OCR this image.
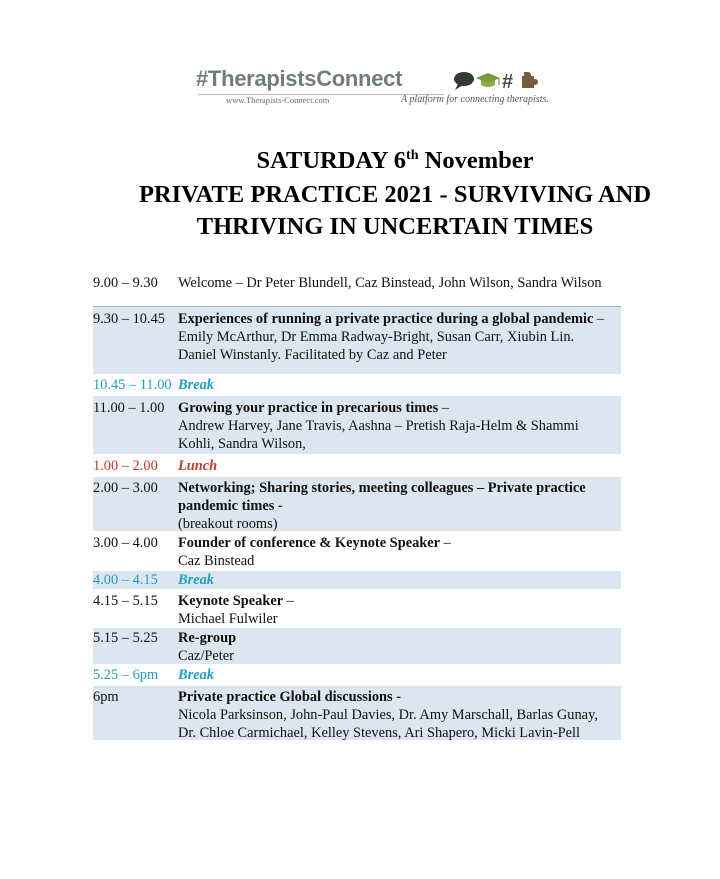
#TherapistsConnect	#
www.Therapists-Connect.com	A platform for connecting therapists.
SATURDAY 6th November
PRIVATE PRACTICE 2021 - SURVIVING AND
THRIVING IN UNCERTAIN TIMES
9.00 – 9.30 Welcome – Dr Peter Blundell, Caz Binstead, John Wilson, Sandra Wilson
9.30 – 10.45 Experiences of running a private practice during a global pandemic –
Emily McArthur, Dr Emma Radway-Bright, Susan Carr, Xiubin Lin.
Daniel Winstanly. Facilitated by Caz and Peter
10.45 – 11.00 Break
11.00 – 1.00 Growing your practice in precarious times –
Andrew Harvey, Jane Travis, Aashna – Pretish Raja-Helm & Shammi
Kohli, Sandra Wilson,
1.00 – 2.00 Lunch
2.00 – 3.00 Networking; Sharing stories, meeting colleagues – Private practice
pandemic times -
(breakout rooms)
3.00 – 4.00 Founder of conference & Keynote Speaker –
Caz Binstead
4.00 – 4.15 Break
4.15 – 5.15 Keynote Speaker –
Michael Fulwiler
5.15 – 5.25 Re-group
Caz/Peter
5.25 – 6pm Break
6pm	Private practice Global discussions -
Nicola Parksinson, John-Paul Davies, Dr. Amy Marschall, Barlas Gunay,
Dr. Chloe Carmichael, Kelley Stevens, Ari Shapero, Micki Lavin-Pell
